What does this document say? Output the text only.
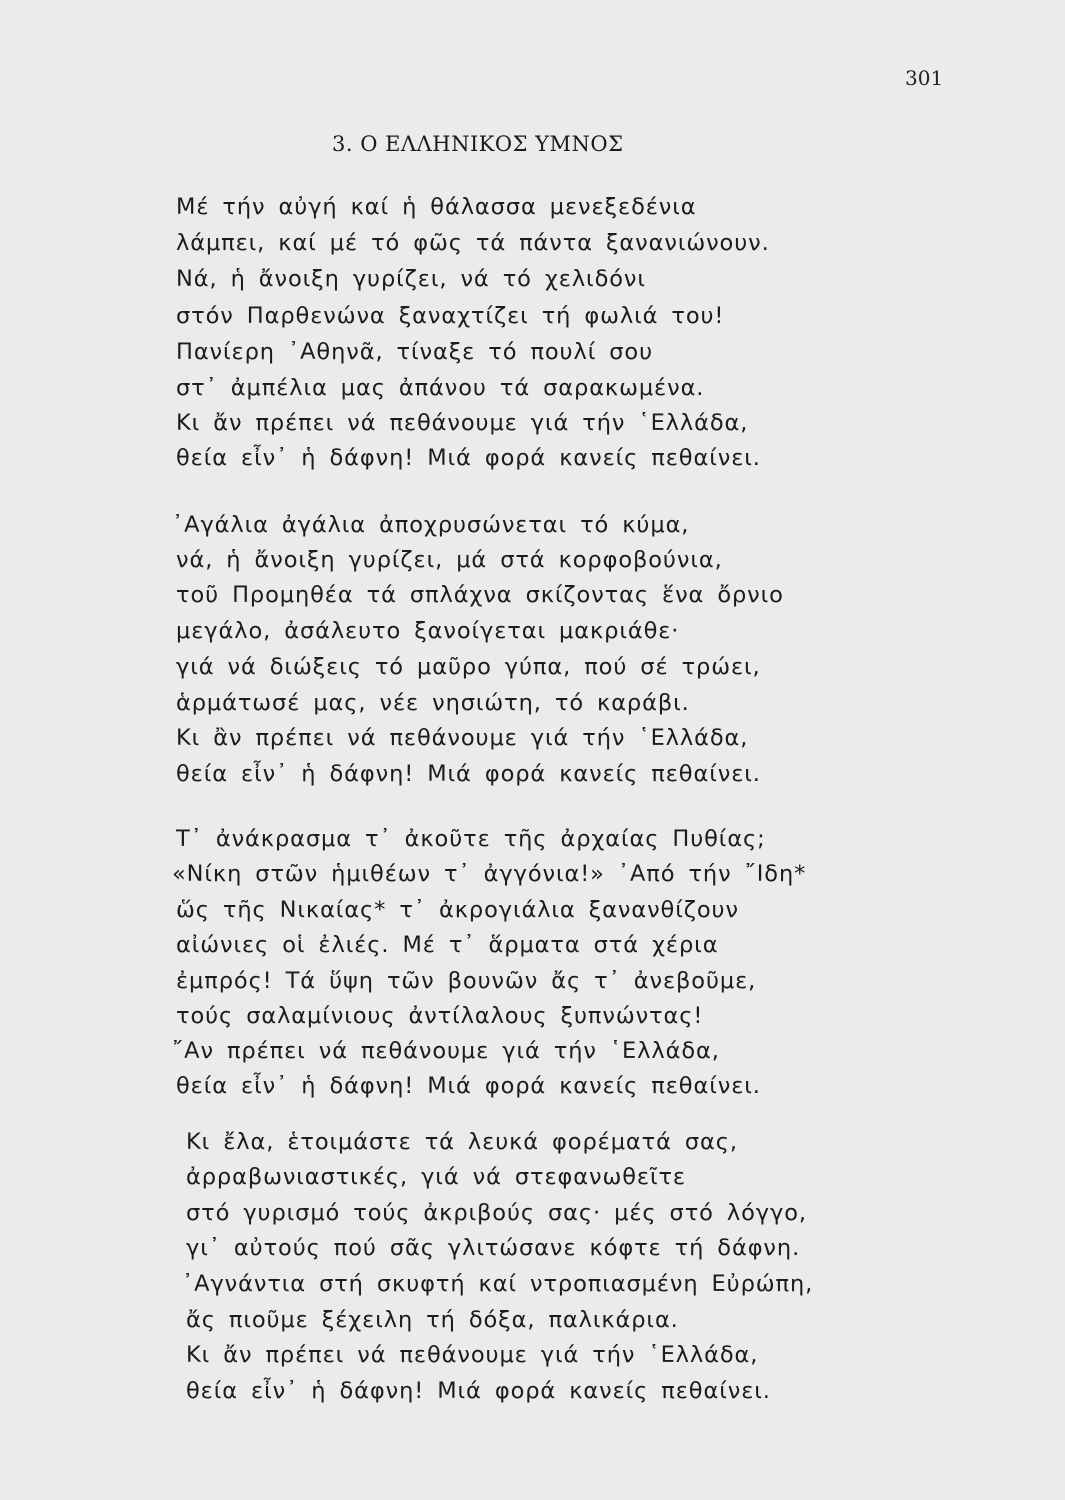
301
3. Ο ΕΛΛΗΝΙΚΟΣ ΥΜΝΟΣ
Μέ τήν αὐγή καί ἡ θάλασσα μενεξεδένια
λάμπει, καί μέ τό φῶς τά πάντα ξανανιώνουν.
Νά, ἡ ἄνοιξη γυρίζει, νά τό χελιδόνι
στόν Παρθενώνα ξαναχτίζει τή φωλιά του!
Πανίερη ᾿Αθηνᾶ, τίναξε τό πουλί σου
στ᾿ ἀμπέλια μας ἀπάνου τά σαρακωμένα.
Κι ἄν πρέπει νά πεθάνουμε γιά τήν ῾Ελλάδα,
θεία εἶν᾿ ἡ δάφνη! Μιά φορά κανείς πεθαίνει.
᾿Αγάλια ἀγάλια ἀποχρυσώνεται τό κύμα,
νά, ἡ ἄνοιξη γυρίζει, μά στά κορφοβούνια,
τοῦ Προμηθέα τά σπλάχνα σκίζοντας ἕνα ὄρνιο
μεγάλο, ἀσάλευτο ξανοίγεται μακριάθε·
γιά νά διώξεις τό μαῦρο γύπα, πού σέ τρώει,
ἁρμάτωσέ μας, νέε νησιώτη, τό καράβι.
Κι ἂν πρέπει νά πεθάνουμε γιά τήν ῾Ελλάδα,
θεία εἶν᾿ ἡ δάφνη! Μιά φορά κανείς πεθαίνει.
Τ᾿ ἀνάκρασμα τ᾿ ἀκοῦτε τῆς ἀρχαίας Πυθίας;
«Νίκη στῶν ἡμιθέων τ᾿ ἀγγόνια!» ᾿Από τήν ῎Ιδη*
ὥς τῆς Νικαίας* τ᾿ ἀκρογιάλια ξανανθίζουν
αἰώνιες οἱ ἐλιές. Μέ τ᾿ ἅρματα στά χέρια
ἐμπρός! Τά ὕψη τῶν βουνῶν ἄς τ᾿ ἀνεβοῦμε,
τούς σαλαμίνιους ἀντίλαλους ξυπνώντας!
῎Αν πρέπει νά πεθάνουμε γιά τήν ῾Ελλάδα,
θεία εἶν᾿ ἡ δάφνη! Μιά φορά κανείς πεθαίνει.
Κι ἔλα, ἑτοιμάστε τά λευκά φορέματά σας,
ἀρραβωνιαστικές, γιά νά στεφανωθεῖτε
στό γυρισμό τούς ἀκριβούς σας· μές στό λόγγο,
γι᾿ αὐτούς πού σᾶς γλιτώσανε κόφτε τή δάφνη.
᾿Αγνάντια στή σκυφτή καί ντροπιασμένη Εὐρώπη,
ἄς πιοῦμε ξέχειλη τή δόξα, παλικάρια.
Κι ἄν πρέπει νά πεθάνουμε γιά τήν ῾Ελλάδα,
θεία εἶν᾿ ἡ δάφνη! Μιά φορά κανείς πεθαίνει.
